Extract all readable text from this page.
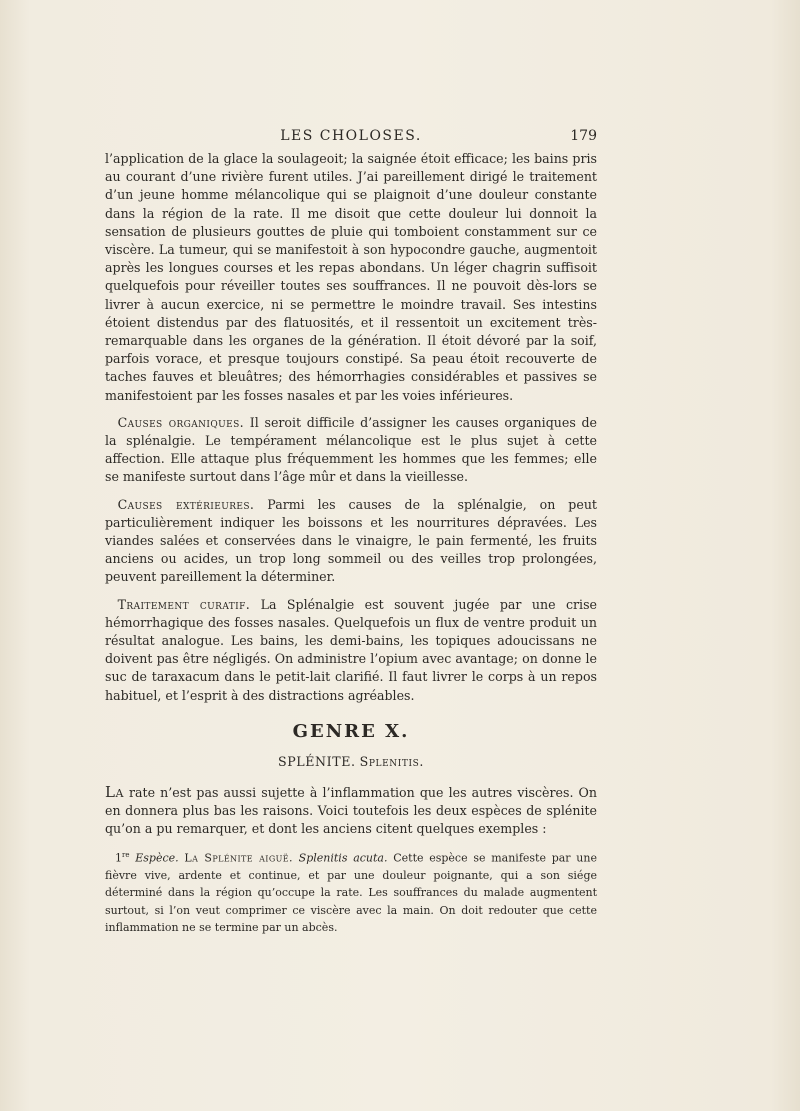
LES CHOLOSES.	179

l’application de la glace la soulageoit; la saignée étoit efficace; les bains pris au courant d’une rivière furent utiles. J’ai pareillement dirigé le traitement d’un jeune homme mélancolique qui se plaignoit d’une douleur constante dans la région de la rate. Il me disoit que cette douleur lui donnoit la sensation de plusieurs gouttes de pluie qui tomboient constamment sur ce viscère. La tumeur, qui se manifestoit à son hypocondre gauche, augmentoit après les longues courses et les repas abondans. Un léger chagrin suffisoit quelquefois pour réveiller toutes ses souffrances. Il ne pouvoit dès-lors se livrer à aucun exercice, ni se permettre le moindre travail. Ses intestins étoient distendus par des flatuosités, et il ressentoit un excitement très-remarquable dans les organes de la génération. Il étoit dévoré par la soif, parfois vorace, et presque toujours constipé. Sa peau étoit recouverte de taches fauves et bleuâtres; des hémorrhagies considérables et passives se manifestoient par les fosses nasales et par les voies inférieures.

 Causes organiques. Il seroit difficile d’assigner les causes organiques de la splénalgie. Le tempérament mélancolique est le plus sujet à cette affection. Elle attaque plus fréquemment les hommes que les femmes; elle se manifeste surtout dans l’âge mûr et dans la vieillesse.

 Causes extérieures. Parmi les causes de la splénalgie, on peut particulièrement indiquer les boissons et les nourritures dépravées. Les viandes salées et conservées dans le vinaigre, le pain fermenté, les fruits anciens ou acides, un trop long sommeil ou des veilles trop prolongées, peuvent pareillement la déterminer.

 Traitement curatif. La Splénalgie est souvent jugée par une crise hémorrhagique des fosses nasales. Quelquefois un flux de ventre produit un résultat analogue. Les bains, les demi-bains, les topiques adoucissans ne doivent pas être négligés. On administre l’opium avec avantage; on donne le suc de taraxacum dans le petit-lait clarifié. Il faut livrer le corps à un repos habituel, et l’esprit à des distractions agréables.

GENRE X.
SPLÉNITE. Splenitis.

La rate n’est pas aussi sujette à l’inflammation que les autres viscères. On en donnera plus bas les raisons. Voici toutefois les deux espèces de splénite qu’on a pu remarquer, et dont les anciens citent quelques exemples :

1re Espèce. La Splénite aiguë. Splenitis acuta. Cette espèce se manifeste par une fièvre vive, ardente et continue, et par une douleur poignante, qui a son siége déterminé dans la région qu’occupe la rate. Les souffrances du malade augmentent surtout, si l’on veut comprimer ce viscère avec la main. On doit redouter que cette inflammation ne se termine par un abcès.
